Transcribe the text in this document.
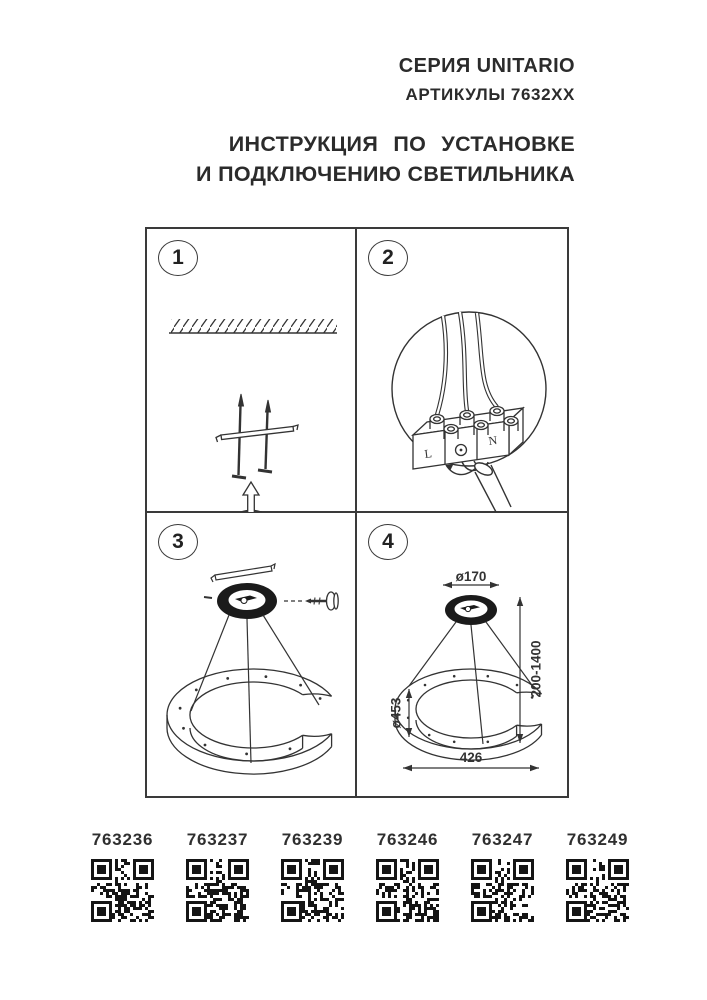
СЕРИЯ UNITARIO
АРТИКУЛЫ 7632XX
ИНСТРУКЦИЯ ПО УСТАНОВКЕ
И ПОДКЛЮЧЕНИЮ СВЕТИЛЬНИКА
1	2
L
N
3	4
ø170
200-1400
ø453
426
763236 763237 763239 763246 763247 763249
